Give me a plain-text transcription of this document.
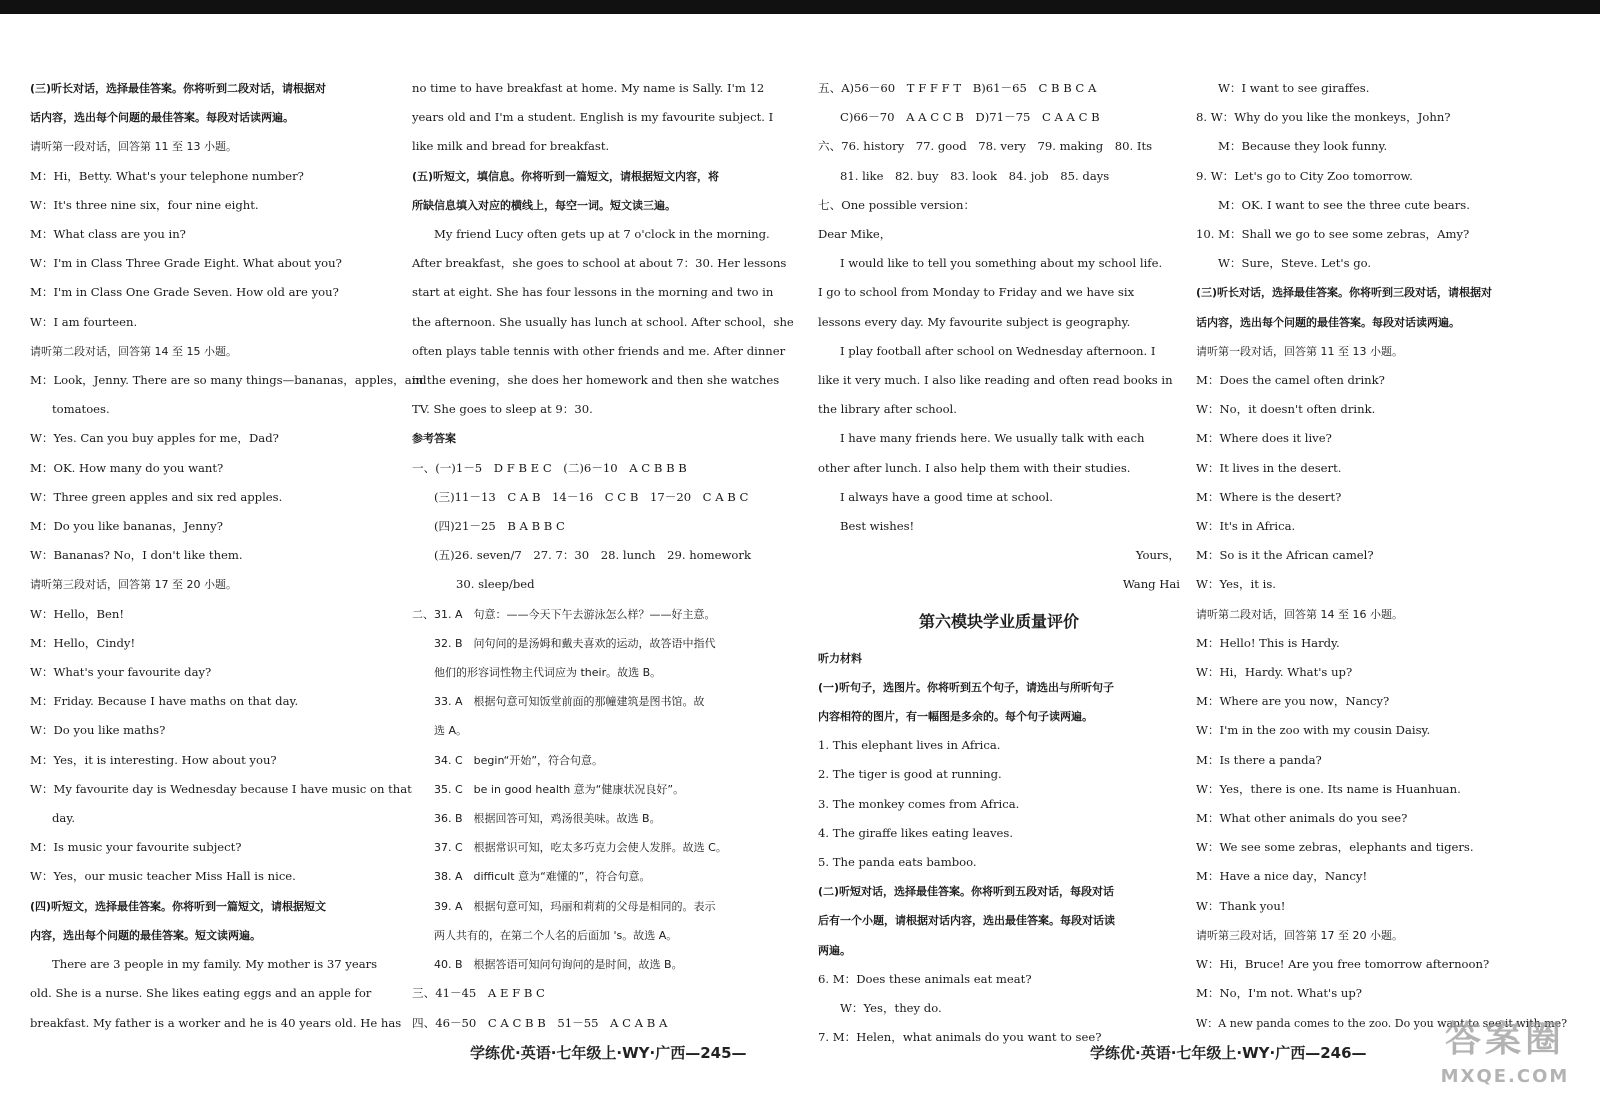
(三)听长对话，选择最佳答案。你将听到二段对话，请根据对
话内容，选出每个问题的最佳答案。每段对话读两遍。
请听第一段对话，回答第 11 至 13 小题。
M：Hi，Betty. What's your telephone number?
W：It's three nine six，four nine eight.
M：What class are you in?
W：I'm in Class Three Grade Eight. What about you?
M：I'm in Class One Grade Seven. How old are you?
W：I am fourteen.
请听第二段对话，回答第 14 至 15 小题。
M：Look，Jenny. There are so many things—bananas，apples，and
tomatoes.
W：Yes. Can you buy apples for me，Dad?
M：OK. How many do you want?
W：Three green apples and six red apples.
M：Do you like bananas，Jenny?
W：Bananas? No，I don't like them.
请听第三段对话，回答第 17 至 20 小题。
W：Hello，Ben!
M：Hello，Cindy!
W：What's your favourite day?
M：Friday. Because I have maths on that day.
W：Do you like maths?
M：Yes，it is interesting. How about you?
W：My favourite day is Wednesday because I have music on that
day.
M：Is music your favourite subject?
W：Yes，our music teacher Miss Hall is nice.
(四)听短文，选择最佳答案。你将听到一篇短文，请根据短文
内容，选出每个问题的最佳答案。短文读两遍。
There are 3 people in my family. My mother is 37 years
old. She is a nurse. She likes eating eggs and an apple for
breakfast. My father is a worker and he is 40 years old. He has
no time to have breakfast at home. My name is Sally. I'm 12
years old and I'm a student. English is my favourite subject. I
like milk and bread for breakfast.
(五)听短文，填信息。你将听到一篇短文，请根据短文内容，将
所缺信息填入对应的横线上，每空一词。短文读三遍。
My friend Lucy often gets up at 7 o'clock in the morning.
After breakfast，she goes to school at about 7：30. Her lessons
start at eight. She has four lessons in the morning and two in
the afternoon. She usually has lunch at school. After school，she
often plays table tennis with other friends and me. After dinner
in the evening，she does her homework and then she watches
TV. She goes to sleep at 9：30.
参考答案
一、(一)1－5　D F B E C　(二)6－10　A C B B B
(三)11－13　C A B　14－16　C C B　17－20　C A B C
(四)21－25　B A B B C
(五)26. seven/7　27. 7：30　28. lunch　29. homework
30. sleep/bed
二、31. A　句意：——今天下午去游泳怎么样？——好主意。
32. B　问句问的是汤姆和戴夫喜欢的运动，故答语中指代
他们的形容词性物主代词应为 their。故选 B。
33. A　根据句意可知饭堂前面的那幢建筑是图书馆。故
选 A。
34. C　begin“开始”，符合句意。
35. C　be in good health 意为“健康状况良好”。
36. B　根据回答可知，鸡汤很美味。故选 B。
37. C　根据常识可知，吃太多巧克力会使人发胖。故选 C。
38. A　difficult 意为“难懂的”，符合句意。
39. A　根据句意可知，玛丽和莉莉的父母是相同的。表示
两人共有的，在第二个人名的后面加 's。故选 A。
40. B　根据答语可知问句询问的是时间，故选 B。
三、41－45　A E F B C
四、46－50　C A C B B　51－55　A C A B A
五、A)56－60　T F F F T　B)61－65　C B B C A
C)66－70　A A C C B　D)71－75　C A A C B
六、76. history　77. good　78. very　79. making　80. Its
81. like　82. buy　83. look　84. job　85. days
七、One possible version：
Dear Mike，
I would like to tell you something about my school life.
I go to school from Monday to Friday and we have six
lessons every day. My favourite subject is geography.
I play football after school on Wednesday afternoon. I
like it very much. I also like reading and often read books in
the library after school.
I have many friends here. We usually talk with each
other after lunch. I also help them with their studies.
I always have a good time at school.
Best wishes!
Yours，
Wang Hai
第六模块学业质量评价
听力材料
(一)听句子，选图片。你将听到五个句子，请选出与所听句子
内容相符的图片，有一幅图是多余的。每个句子读两遍。
1. This elephant lives in Africa.
2. The tiger is good at running.
3. The monkey comes from Africa.
4. The giraffe likes eating leaves.
5. The panda eats bamboo.
(二)听短对话，选择最佳答案。你将听到五段对话，每段对话
后有一个小题，请根据对话内容，选出最佳答案。每段对话读
两遍。
6. M：Does these animals eat meat?
W：Yes，they do.
7. M：Helen，what animals do you want to see?
W：I want to see giraffes.
8. W：Why do you like the monkeys，John?
M：Because they look funny.
9. W：Let's go to City Zoo tomorrow.
M：OK. I want to see the three cute bears.
10. M：Shall we go to see some zebras，Amy?
W：Sure，Steve. Let's go.
(三)听长对话，选择最佳答案。你将听到三段对话，请根据对
话内容，选出每个问题的最佳答案。每段对话读两遍。
请听第一段对话，回答第 11 至 13 小题。
M：Does the camel often drink?
W：No，it doesn't often drink.
M：Where does it live?
W：It lives in the desert.
M：Where is the desert?
W：It's in Africa.
M：So is it the African camel?
W：Yes，it is.
请听第二段对话，回答第 14 至 16 小题。
M：Hello! This is Hardy.
W：Hi，Hardy. What's up?
M：Where are you now，Nancy?
W：I'm in the zoo with my cousin Daisy.
M：Is there a panda?
W：Yes，there is one. Its name is Huanhuan.
M：What other animals do you see?
W：We see some zebras，elephants and tigers.
M：Have a nice day，Nancy!
W：Thank you!
请听第三段对话，回答第 17 至 20 小题。
W：Hi，Bruce! Are you free tomorrow afternoon?
M：No，I'm not. What's up?
W：A new panda comes to the zoo. Do you want to see it with me?
学练优·英语·七年级上·WY·广西—245—	学练优·英语·七年级上·WY·广西—246—	答案圈
MXQE.COM
